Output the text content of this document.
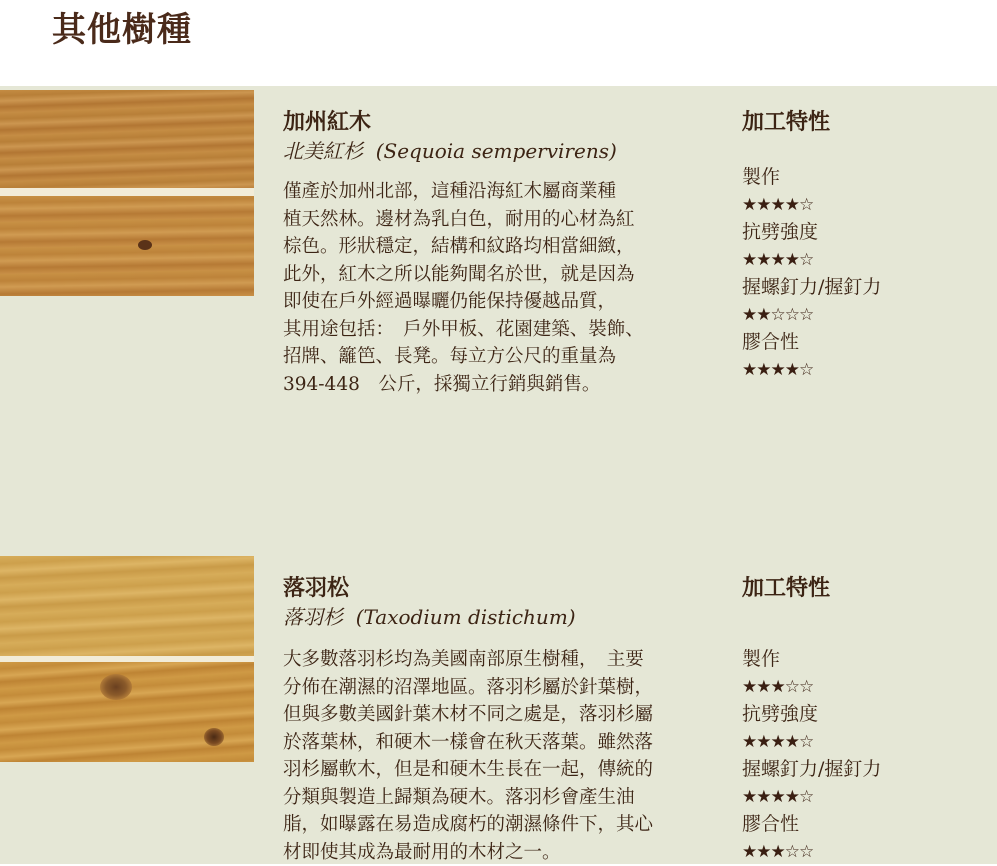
其他樹種
加州紅木
北美紅杉 (Sequoia sempervirens)
僅產於加州北部，這種沿海紅木屬商業種
植天然林。邊材為乳白色，耐用的心材為紅
棕色。形狀穩定，結構和紋路均相當細緻，
此外，紅木之所以能夠聞名於世，就是因為
即使在戶外經過曝曬仍能保持優越品質，
其用途包括：　戶外甲板、花園建築、裝飾、
招牌、籬笆、長凳。每立方公尺的重量為
394-448　公斤，採獨立行銷與銷售。
加工特性
製作
★★★★☆
抗劈強度
★★★★☆
握螺釘力/握釘力
★★☆☆☆
膠合性
★★★★☆
落羽松
落羽杉 (Taxodium distichum)
大多數落羽杉均為美國南部原生樹種，　主要
分佈在潮濕的沼澤地區。落羽杉屬於針葉樹，
但與多數美國針葉木材不同之處是，落羽杉屬
於落葉林，和硬木一樣會在秋天落葉。雖然落
羽杉屬軟木，但是和硬木生長在一起，傳統的
分類與製造上歸類為硬木。落羽杉會產生油
脂，如曝露在易造成腐朽的潮濕條件下，其心
材即使其成為最耐用的木材之一。
加工特性
製作
★★★☆☆
抗劈強度
★★★★☆
握螺釘力/握釘力
★★★★☆
膠合性
★★★☆☆
